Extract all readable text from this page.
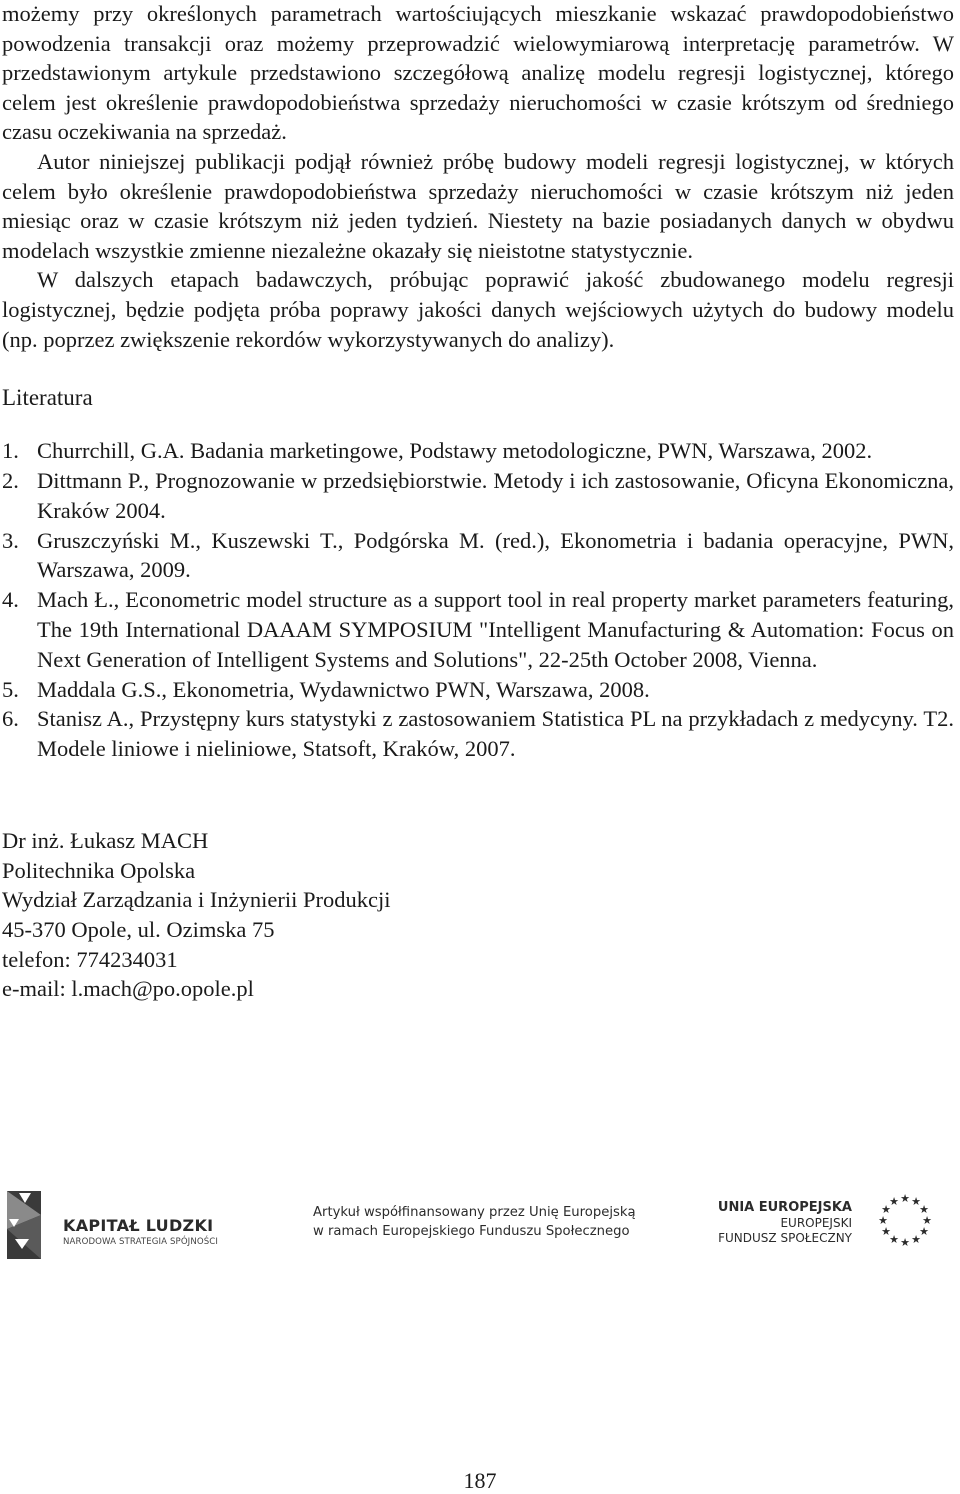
możemy przy określonych parametrach wartościujących mieszkanie wskazać prawdopodobieństwo powodzenia transakcji oraz możemy przeprowadzić wielowymiarową interpretację parametrów. W przedstawionym artykule przedstawiono szczegółową analizę modelu regresji logistycznej, którego celem jest określenie prawdopodobieństwa sprzedaży nieruchomości w czasie krótszym od średniego czasu oczekiwania na sprzedaż.

Autor niniejszej publikacji podjął również próbę budowy modeli regresji logistycznej, w których celem było określenie prawdopodobieństwa sprzedaży nieruchomości w czasie krótszym niż jeden miesiąc oraz w czasie krótszym niż jeden tydzień. Niestety na bazie posiadanych danych w obydwu modelach wszystkie zmienne niezależne okazały się nieistotne statystycznie.

W dalszych etapach badawczych, próbując poprawić jakość zbudowanego modelu regresji logistycznej, będzie podjęta próba poprawy jakości danych wejściowych użytych do budowy modelu (np. poprzez zwiększenie rekordów wykorzystywanych do analizy).

Literatura
1. Churrchill, G.A. Badania marketingowe, Podstawy metodologiczne, PWN, Warszawa, 2002.
2. Dittmann P., Prognozowanie w przedsiębiorstwie. Metody i ich zastosowanie, Oficyna Ekonomiczna, Kraków 2004.
3. Gruszczyński M., Kuszewski T., Podgórska M. (red.), Ekonometria i badania operacyjne, PWN, Warszawa, 2009.
4. Mach Ł., Econometric model structure as a support tool in real property market parameters featuring, The 19th International DAAAM SYMPOSIUM "Intelligent Manufacturing & Automation: Focus on Next Generation of Intelligent Systems and Solutions", 22-25th October 2008, Vienna.
5. Maddala G.S., Ekonometria, Wydawnictwo PWN, Warszawa, 2008.
6. Stanisz A., Przystępny kurs statystyki z zastosowaniem Statistica PL na przykładach z medycyny. T2. Modele liniowe i nieliniowe, Statsoft, Kraków, 2007.
Dr inż. Łukasz MACH
Politechnika Opolska
Wydział Zarządzania i Inżynierii Produkcji
45-370 Opole, ul. Ozimska 75
telefon: 774234031
e-mail: l.mach@po.opole.pl
KAPITAŁ LUDZKI
NARODOWA STRATEGIA SPÓJNOŚCI
Artykuł współfinansowany przez Unię Europejską
w ramach Europejskiego Funduszu Społecznego
UNIA EUROPEJSKA
EUROPEJSKI
FUNDUSZ SPOŁECZNY
★ ★
★
★
★
★
★
★
★
★
★
★
187
